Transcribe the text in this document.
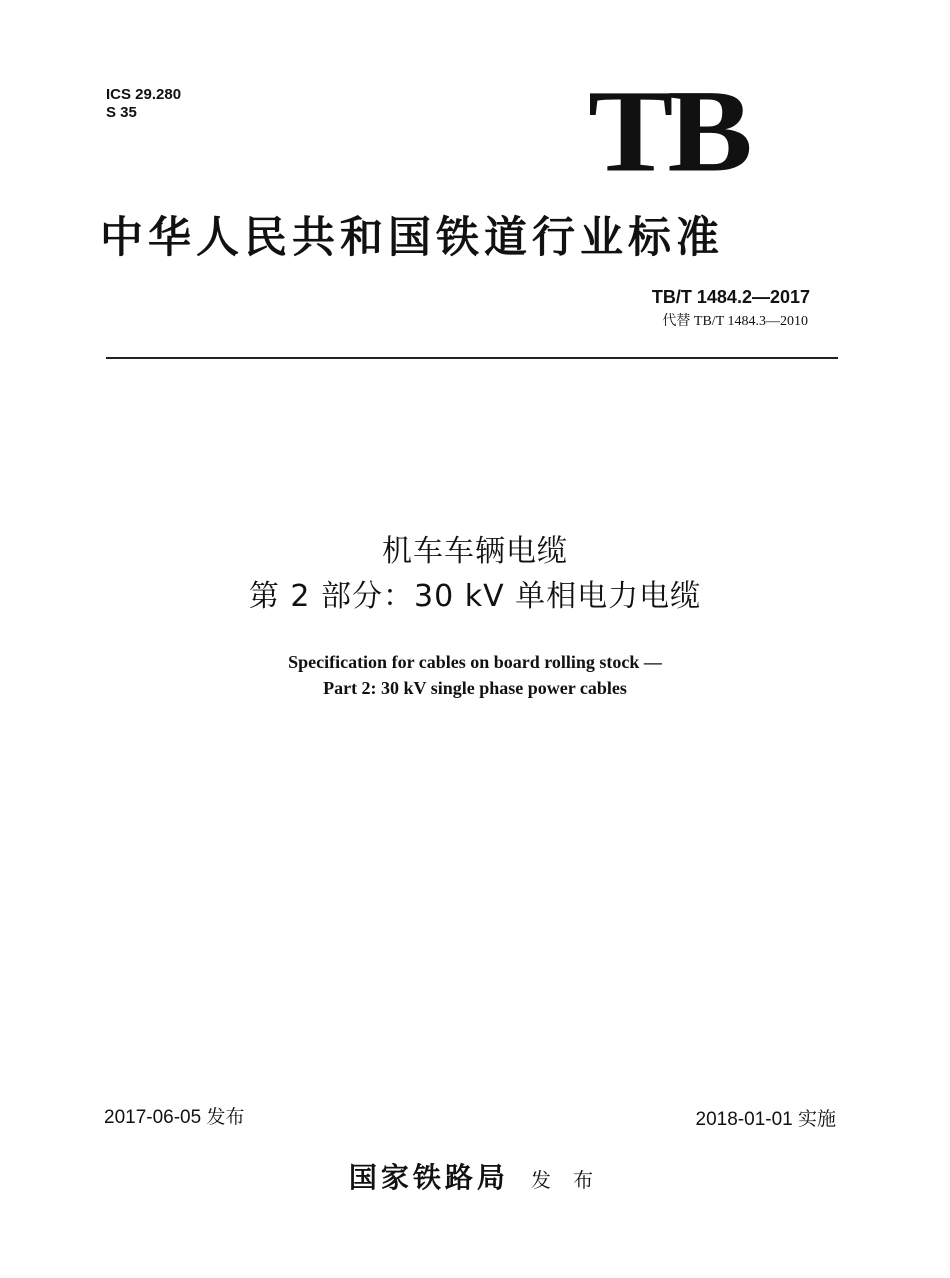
ICS 29.280
S 35	TB
中华人民共和国铁道行业标准
TB/T 1484.2—2017
代替 TB/T 1484.3—2010
机车车辆电缆
第 2 部分：30 kV 单相电力电缆
Specification for cables on board rolling stock —
Part 2: 30 kV single phase power cables
2017-06-05 发布	2018-01-01 实施
国家铁路局 发 布
